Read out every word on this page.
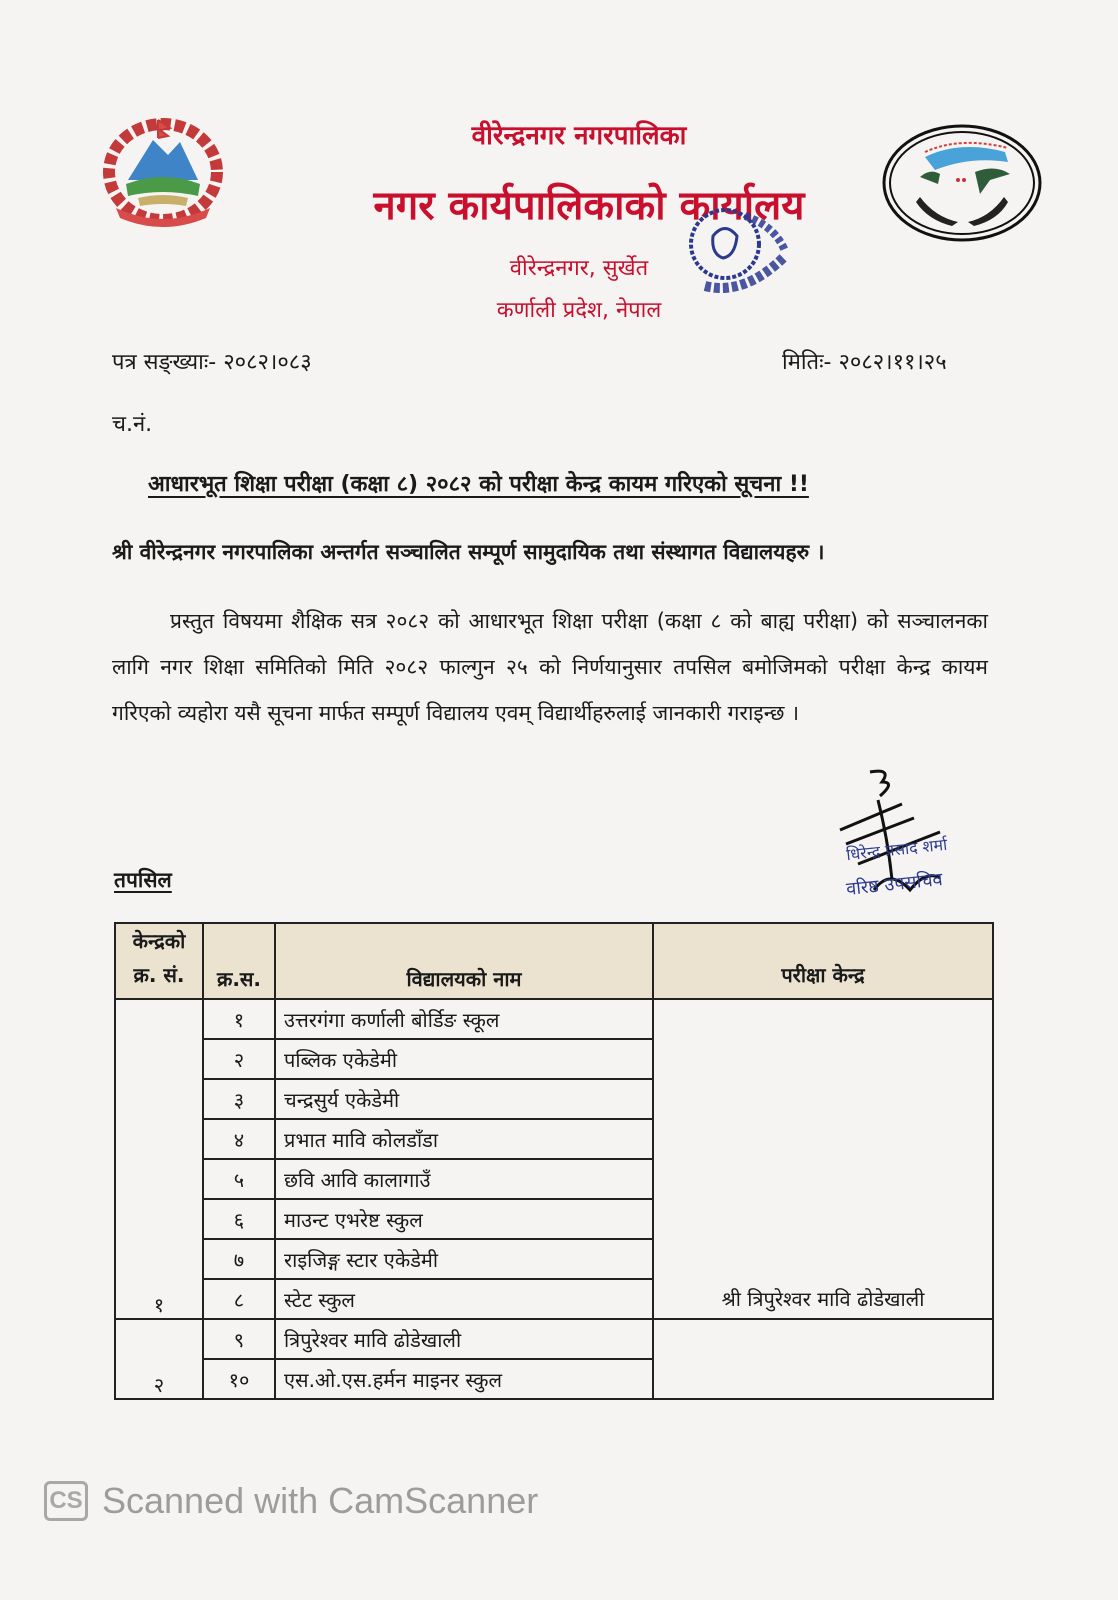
वीरेन्द्रनगर नगरपालिका
नगर कार्यपालिकाको कार्यालय
वीरेन्द्रनगर, सुर्खेत
कर्णाली प्रदेश, नेपाल
पत्र सङ्ख्याः- २०८२।०८३	मितिः- २०८२।११।२५
च.नं.
आधारभूत शिक्षा परीक्षा (कक्षा ८) २०८२ को परीक्षा केन्द्र कायम गरिएको सूचना !!
श्री वीरेन्द्रनगर नगरपालिका अन्तर्गत सञ्चालित सम्पूर्ण सामुदायिक तथा संस्थागत विद्यालयहरु ।
प्रस्तुत विषयमा शैक्षिक सत्र २०८२ को आधारभूत शिक्षा परीक्षा (कक्षा ८ को बाह्य परीक्षा) को सञ्चालनका लागि नगर शिक्षा समितिको मिति २०८२ फाल्गुन २५ को निर्णयानुसार तपसिल बमोजिमको परीक्षा केन्द्र कायम गरिएको व्यहोरा यसै सूचना मार्फत सम्पूर्ण विद्यालय एवम् विद्यार्थीहरुलाई जानकारी गराइन्छ ।
धिरेन्द्र प्रसाद शर्मा
वरिष्ठ उपसचिव
तपसिल
केन्द्रको
क्र. सं.	क्र.स.	विद्यालयको नाम	परीक्षा केन्द्र
१	१	उत्तरगंगा कर्णाली बोर्डिङ स्कूल	श्री त्रिपुरेश्वर मावि ढोडेखाली
	२	पब्लिक एकेडेमी	
	३	चन्द्रसुर्य एकेडेमी	
	४	प्रभात मावि कोलडाँडा	
	५	छवि आवि कालागाउँ	
	६	माउन्ट एभरेष्ट स्कुल	
	७	राइजिङ्ग स्टार एकेडेमी	
	८	स्टेट स्कुल	
२	९	त्रिपुरेश्वर मावि ढोडेखाली	
	१०	एस.ओ.एस.हर्मन माइनर स्कुल	
CS Scanned with CamScanner
